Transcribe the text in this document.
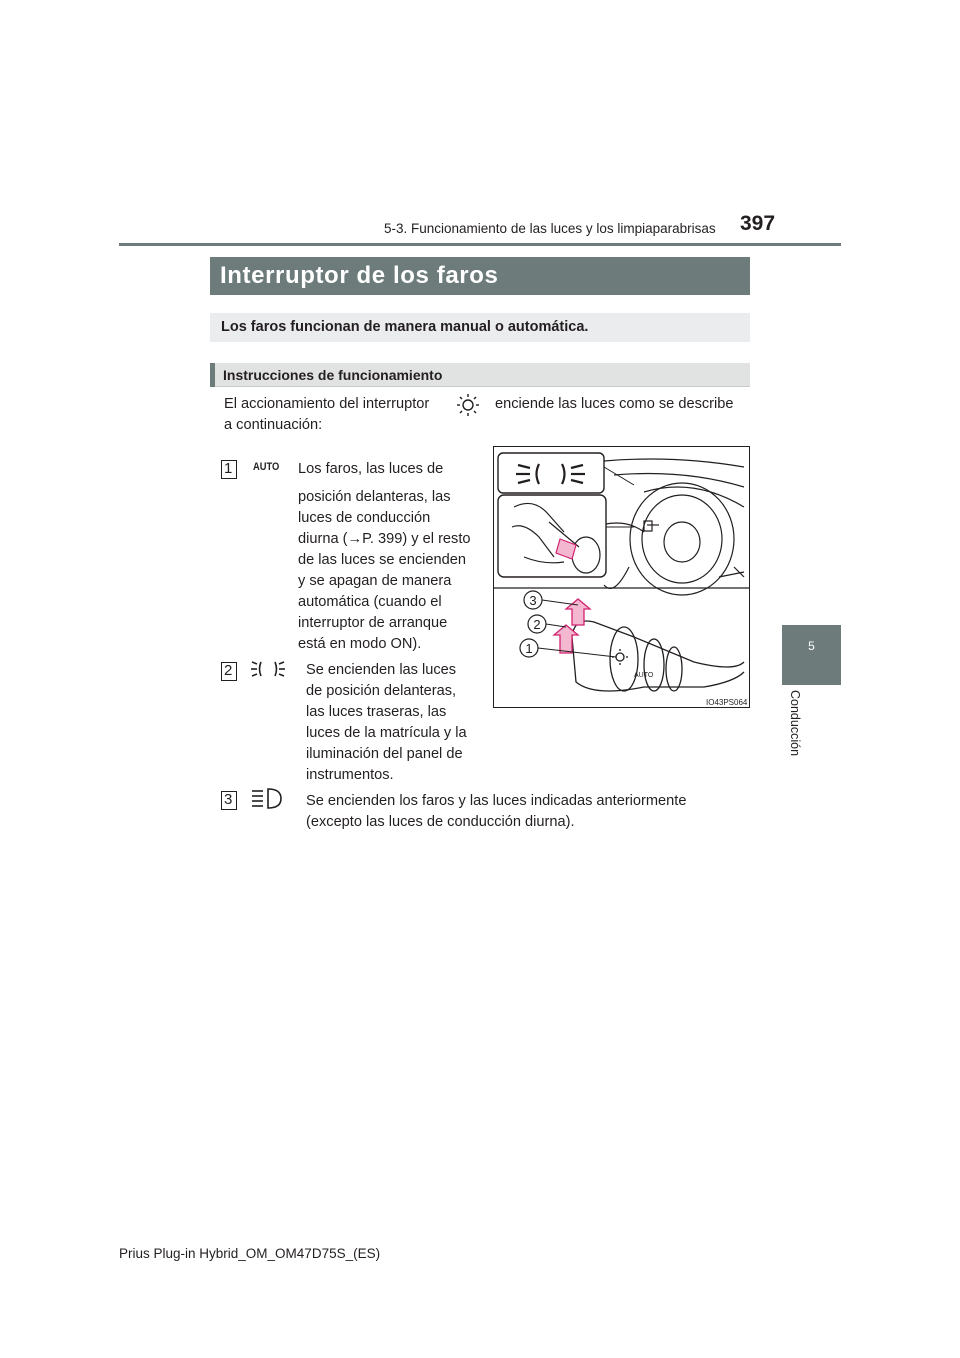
5-3. Funcionamiento de las luces y los limpiaparabrisas 397
5
Conducción
Interruptor de los faros
Los faros funcionan de manera manual o automática.
Instrucciones de funcionamiento
El accionamiento del interruptor	enciende las luces como se describe
a continuación:
1 AUTO Los faros, las luces de
posición delanteras, las
luces de conducción
diurna (→P. 399) y el resto
de las luces se encienden
y se apagan de manera
automática (cuando el
interruptor de arranque
está en modo ON).
2	Se encienden las luces
de posición delanteras,
las luces traseras, las
luces de la matrícula y la
iluminación del panel de
instrumentos.
3	Se encienden los faros y las luces indicadas anteriormente
(excepto las luces de conducción diurna).
AUTO
3
2
1
IO43PS064
Prius Plug-in Hybrid_OM_OM47D75S_(ES)
